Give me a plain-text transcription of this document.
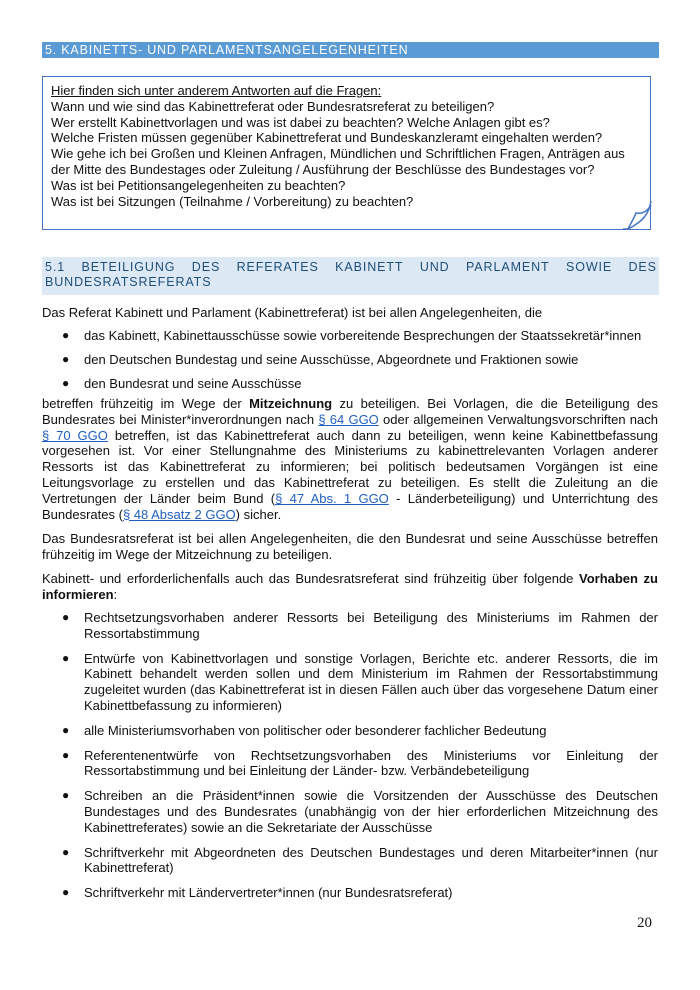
5. KABINETTS- UND PARLAMENTSANGELEGENHEITEN
Hier finden sich unter anderem Antworten auf die Fragen:
Wann und wie sind das Kabinettreferat oder Bundesratsreferat zu beteiligen?
Wer erstellt Kabinettvorlagen und was ist dabei zu beachten? Welche Anlagen gibt es?
Welche Fristen müssen gegenüber Kabinettreferat und Bundeskanzleramt eingehalten werden?
Wie gehe ich bei Großen und Kleinen Anfragen, Mündlichen und Schriftlichen Fragen, Anträgen aus
der Mitte des Bundestages oder Zuleitung / Ausführung der Beschlüsse des Bundestages vor?
Was ist bei Petitionsangelegenheiten zu beachten?
Was ist bei Sitzungen (Teilnahme / Vorbereitung) zu beachten?
5.1 BETEILIGUNG DES REFERATES KABINETT UND PARLAMENT SOWIE DES
BUNDESRATSREFERATS
Das Referat Kabinett und Parlament (Kabinettreferat) ist bei allen Angelegenheiten, die
● das Kabinett, Kabinettausschüsse sowie vorbereitende Besprechungen der Staatssekretär*innen
● den Deutschen Bundestag und seine Ausschüsse, Abgeordnete und Fraktionen sowie
● den Bundesrat und seine Ausschüsse
betreffen frühzeitig im Wege der Mitzeichnung zu beteiligen. Bei Vorlagen, die die Beteiligung des Bundesrates bei Minister*inverordnungen nach § 64 GGO oder allgemeinen Verwaltungsvorschriften nach § 70 GGO betreffen, ist das Kabinettreferat auch dann zu beteiligen, wenn keine Kabinettbefassung vorgesehen ist. Vor einer Stellungnahme des Ministeriums zu kabinettrelevanten Vorlagen anderer Ressorts ist das Kabinettreferat zu informieren; bei politisch bedeutsamen Vorgängen ist eine Leitungsvorlage zu erstellen und das Kabinettreferat zu beteiligen. Es stellt die Zuleitung an die Vertretungen der Länder beim Bund (§ 47 Abs. 1 GGO - Länderbeteiligung) und Unterrichtung des Bundesrates (§ 48 Absatz 2 GGO) sicher.
Das Bundesratsreferat ist bei allen Angelegenheiten, die den Bundesrat und seine Ausschüsse betreffen frühzeitig im Wege der Mitzeichnung zu beteiligen.
Kabinett- und erforderlichenfalls auch das Bundesratsreferat sind frühzeitig über folgende Vorhaben zu informieren:
● Rechtsetzungsvorhaben anderer Ressorts bei Beteiligung des Ministeriums im Rahmen der Ressortabstimmung
● Entwürfe von Kabinettvorlagen und sonstige Vorlagen, Berichte etc. anderer Ressorts, die im Kabinett behandelt werden sollen und dem Ministerium im Rahmen der Ressortabstimmung zugeleitet wurden (das Kabinettreferat ist in diesen Fällen auch über das vorgesehene Datum einer Kabinettbefassung zu informieren)
● alle Ministeriumsvorhaben von politischer oder besonderer fachlicher Bedeutung
● Referentenentwürfe von Rechtsetzungsvorhaben des Ministeriums vor Einleitung der Ressortabstimmung und bei Einleitung der Länder- bzw. Verbändebeteiligung
● Schreiben an die Präsident*innen sowie die Vorsitzenden der Ausschüsse des Deutschen Bundestages und des Bundesrates (unabhängig von der hier erforderlichen Mitzeichnung des Kabinettreferates) sowie an die Sekretariate der Ausschüsse
● Schriftverkehr mit Abgeordneten des Deutschen Bundestages und deren Mitarbeiter*innen (nur Kabinettreferat)
● Schriftverkehr mit Ländervertreter*innen (nur Bundesratsreferat)
20
